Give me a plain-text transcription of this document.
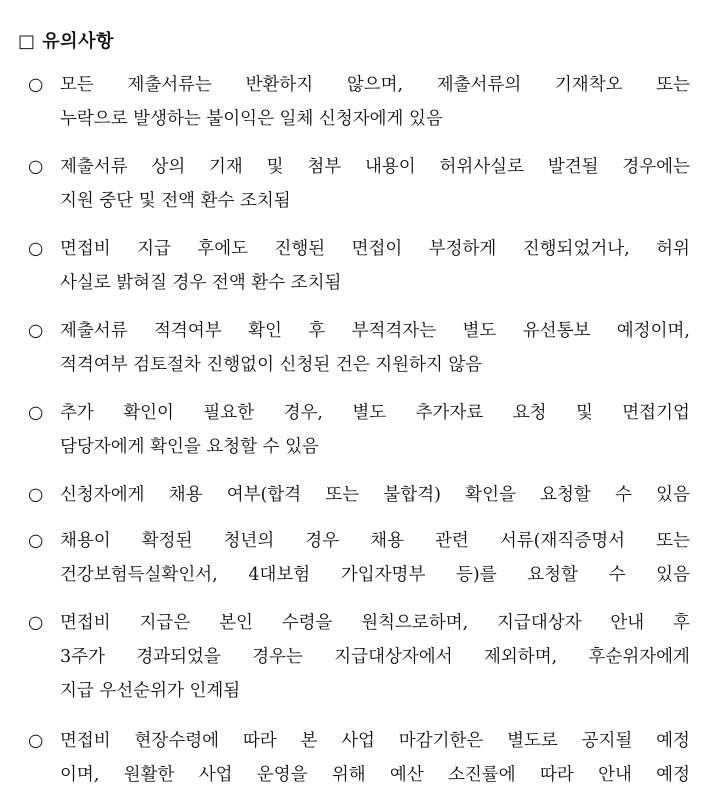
□ 유의사항
○ 모든 제출서류는 반환하지 않으며, 제출서류의 기재착오 또는
누락으로 발생하는 불이익은 일체 신청자에게 있음
○ 제출서류 상의 기재 및 첨부 내용이 허위사실로 발견될 경우에는
지원 중단 및 전액 환수 조치됨
○ 면접비 지급 후에도 진행된 면접이 부정하게 진행되었거나, 허위
사실로 밝혀질 경우 전액 환수 조치됨
○ 제출서류 적격여부 확인 후 부적격자는 별도 유선통보 예정이며,
적격여부 검토절차 진행없이 신청된 건은 지원하지 않음
○ 추가 확인이 필요한 경우, 별도 추가자료 요청 및 면접기업
담당자에게 확인을 요청할 수 있음
○ 신청자에게 채용 여부(합격 또는 불합격) 확인을 요청할 수 있음
○ 채용이 확정된 청년의 경우 채용 관련 서류(재직증명서 또는
건강보험득실확인서, 4대보험 가입자명부 등)를 요청할 수 있음
○ 면접비 지급은 본인 수령을 원칙으로하며, 지급대상자 안내 후
3주가 경과되었을 경우는 지급대상자에서 제외하며, 후순위자에게
지급 우선순위가 인계됨
○ 면접비 현장수령에 따라 본 사업 마감기한은 별도로 공지될 예정
이며, 원활한 사업 운영을 위해 예산 소진률에 따라 안내 예정
